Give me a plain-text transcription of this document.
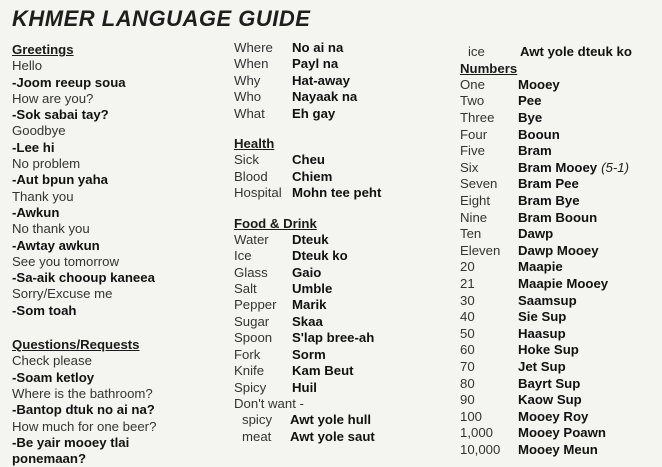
KHMER LANGUAGE GUIDE
Greetings
Hello
-Joom reeup soua
How are you?
-Sok sabai tay?
Goodbye
-Lee hi
No problem
-Aut bpun yaha
Thank you
-Awkun
No thank you
-Awtay awkun
See you tomorrow
-Sa-aik chooup kaneea
Sorry/Excuse me
-Som toah
Questions/Requests
Check please
-Soam ketloy
Where is the bathroom?
-Bantop dtuk no ai na?
How much for one beer?
-Be yair mooey tlai
ponemaan?
Where	No ai na
When	Payl na
Why	Hat-away
Who	Nayaak na
What	Eh gay
Health
Sick	Cheu
Blood	Chiem
Hospital Mohn tee peht
Food & Drink
Water	Dteuk
Ice	Dteuk ko
Glass	Gaio
Salt	Umble
Pepper	Marik
Sugar	Skaa
Spoon	S'lap bree-ah
Fork	Sorm
Knife	Kam Beut
Spicy	Huil
Don't want -
spicy	Awt yole hull
meat	Awt yole saut
ice	Awt yole dteuk ko
Numbers
One	Mooey
Two	Pee
Three	Bye
Four	Booun
Five	Bram
Six	Bram Mooey (5-1)
Seven	Bram Pee
Eight	Bram Bye
Nine	Bram Booun
Ten	Dawp
Eleven	Dawp Mooey
20	Maapie
21	Maapie Mooey
30	Saamsup
40	Sie Sup
50	Haasup
60	Hoke Sup
70	Jet Sup
80	Bayrt Sup
90	Kaow Sup
100	Mooey Roy
1,000	Mooey Poawn
10,000	Mooey Meun
